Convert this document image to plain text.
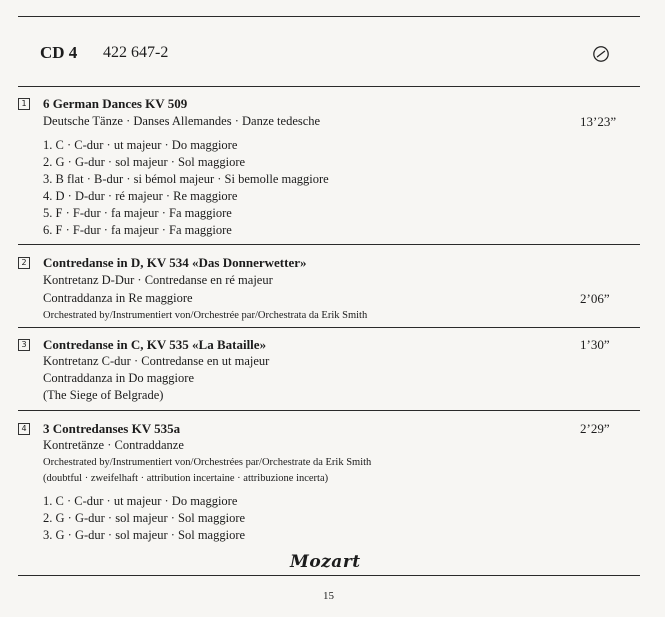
CD 4 422 647-2
1 6 German Dances KV 509
Deutsche Tänze · Danses Allemandes · Danze tedesche	13’23”
1. C · C-dur · ut majeur · Do maggiore
2. G · G-dur · sol majeur · Sol maggiore
3. B flat · B-dur · si bémol majeur · Si bemolle maggiore
4. D · D-dur · ré majeur · Re maggiore
5. F · F-dur · fa majeur · Fa maggiore
6. F · F-dur · fa majeur · Fa maggiore
2 Contredanse in D, KV 534 «Das Donnerwetter»
Kontretanz D-Dur · Contredanse en ré majeur
Contraddanza in Re maggiore	2’06”
Orchestrated by/Instrumentiert von/Orchestrée par/Orchestrata da Erik Smith
3 Contredanse in C, KV 535 «La Bataille»	1’30”
Kontretanz C-dur · Contredanse en ut majeur
Contraddanza in Do maggiore
(The Siege of Belgrade)
4 3 Contredanses KV 535a	2’29”
Kontretänze · Contraddanze
Orchestrated by/Instrumentiert von/Orchestrées par/Orchestrate da Erik Smith
(doubtful · zweifelhaft · attribution incertaine · attribuzione incerta)
1. C · C-dur · ut majeur · Do maggiore
2. G · G-dur · sol majeur · Sol maggiore
3. G · G-dur · sol majeur · Sol maggiore
Mozart
15
